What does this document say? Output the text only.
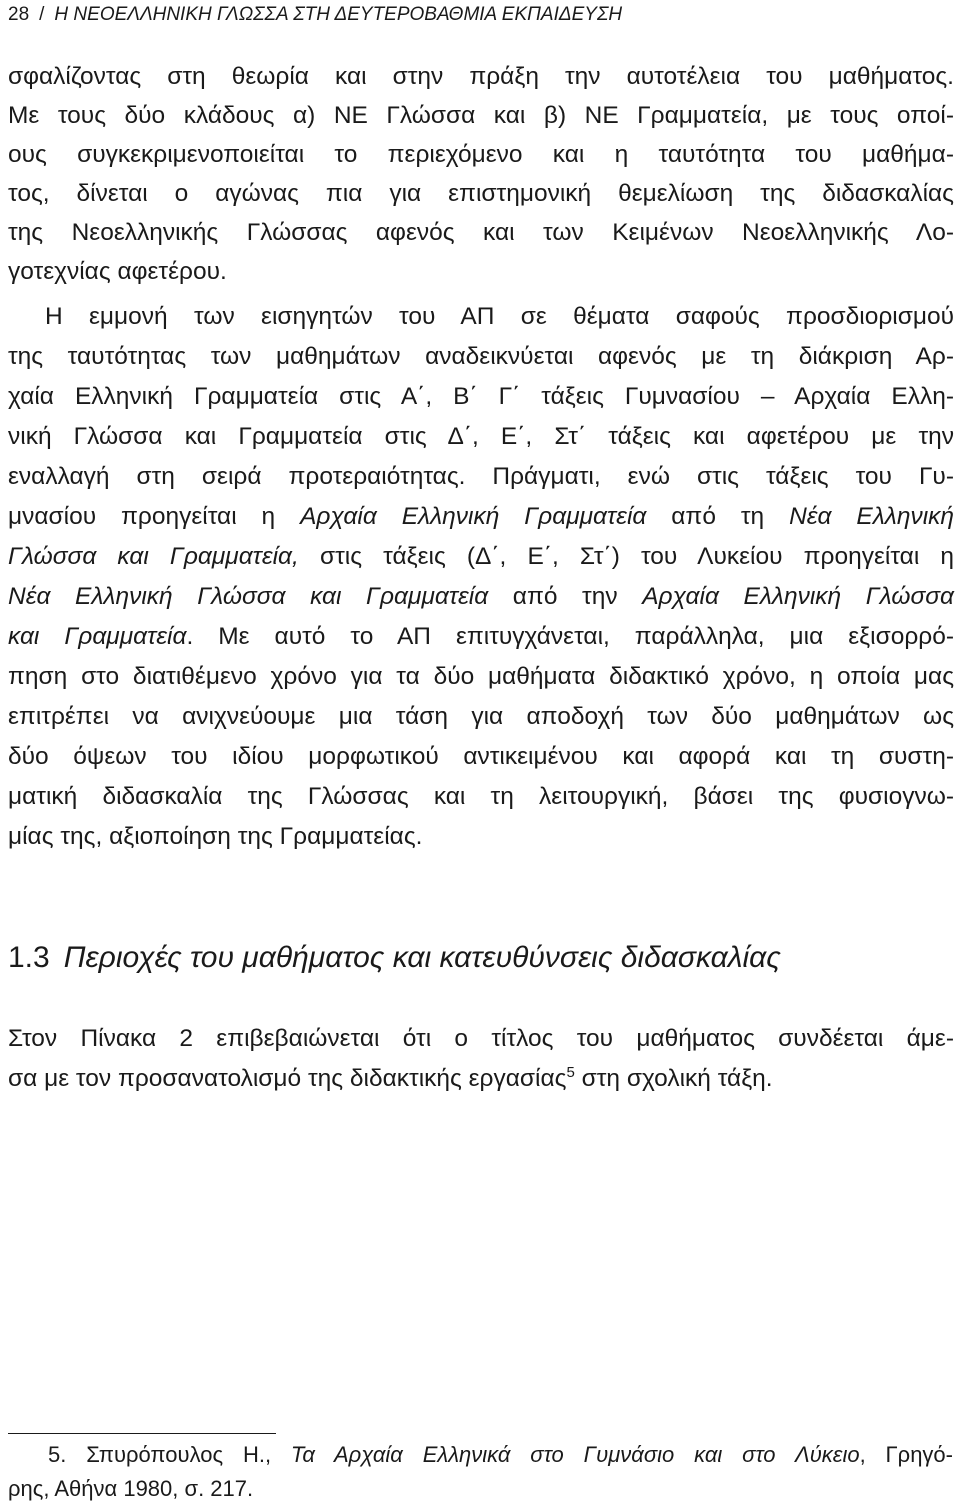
28 / Η ΝΕΟΕΛΛΗΝΙΚΗ ΓΛΩΣΣΑ ΣΤΗ ΔΕΥΤΕΡΟΒΑΘΜΙΑ ΕΚΠΑΙΔΕΥΣΗ
σφαλίζοντας στη θεωρία και στην πράξη την αυτοτέλεια του μαθήματος.
Με τους δύο κλάδους α) ΝΕ Γλώσσα και β) ΝΕ Γραμματεία, με τους οποί-
ους συγκεκριμενοποιείται το περιεχόμενο και η ταυτότητα του μαθήμα-
τος, δίνεται ο αγώνας πια για επιστημονική θεμελίωση της διδασκαλίας
της Νεοελληνικής Γλώσσας αφενός και των Κειμένων Νεοελληνικής Λο-
γοτεχνίας αφετέρου.
Η εμμονή των εισηγητών του ΑΠ σε θέματα σαφούς προσδιορισμού
της ταυτότητας των μαθημάτων αναδεικνύεται αφενός με τη διάκριση Αρ-
χαία Ελληνική Γραμματεία στις Α΄, Β΄ Γ΄ τάξεις Γυμνασίου – Αρχαία Ελλη-
νική Γλώσσα και Γραμματεία στις Δ΄, Ε΄, Στ΄ τάξεις και αφετέρου με την
εναλλαγή στη σειρά προτεραιότητας. Πράγματι, ενώ στις τάξεις του Γυ-
μνασίου προηγείται η Αρχαία Ελληνική Γραμματεία από τη Νέα Ελληνική
Γλώσσα και Γραμματεία, στις τάξεις (Δ΄, Ε΄, Στ΄) του Λυκείου προηγείται η
Νέα Ελληνική Γλώσσα και Γραμματεία από την Αρχαία Ελληνική Γλώσσα
και Γραμματεία. Με αυτό το ΑΠ επιτυγχάνεται, παράλληλα, μια εξισορρό-
πηση στο διατιθέμενο χρόνο για τα δύο μαθήματα διδακτικό χρόνο, η οποία μας
επιτρέπει να ανιχνεύουμε μια τάση για αποδοχή των δύο μαθημάτων ως
δύο όψεων του ιδίου μορφωτικού αντικειμένου και αφορά και τη συστη-
ματική διδασκαλία της Γλώσσας και τη λειτουργική, βάσει της φυσιογνω-
μίας της, αξιοποίηση της Γραμματείας.
1.3 Περιοχές του μαθήματος και κατευθύνσεις διδασκαλίας
Στον Πίνακα 2 επιβεβαιώνεται ότι ο τίτλος του μαθήματος συνδέεται άμε-
σα με τον προσανατολισμό της διδακτικής εργασίας$^5$ στη σχολική τάξη.
5. Σπυρόπουλος Η., Τα Αρχαία Ελληνικά στο Γυμνάσιο και στο Λύκειο, Γρηγό-
ρης, Αθήνα 1980, σ. 217.
